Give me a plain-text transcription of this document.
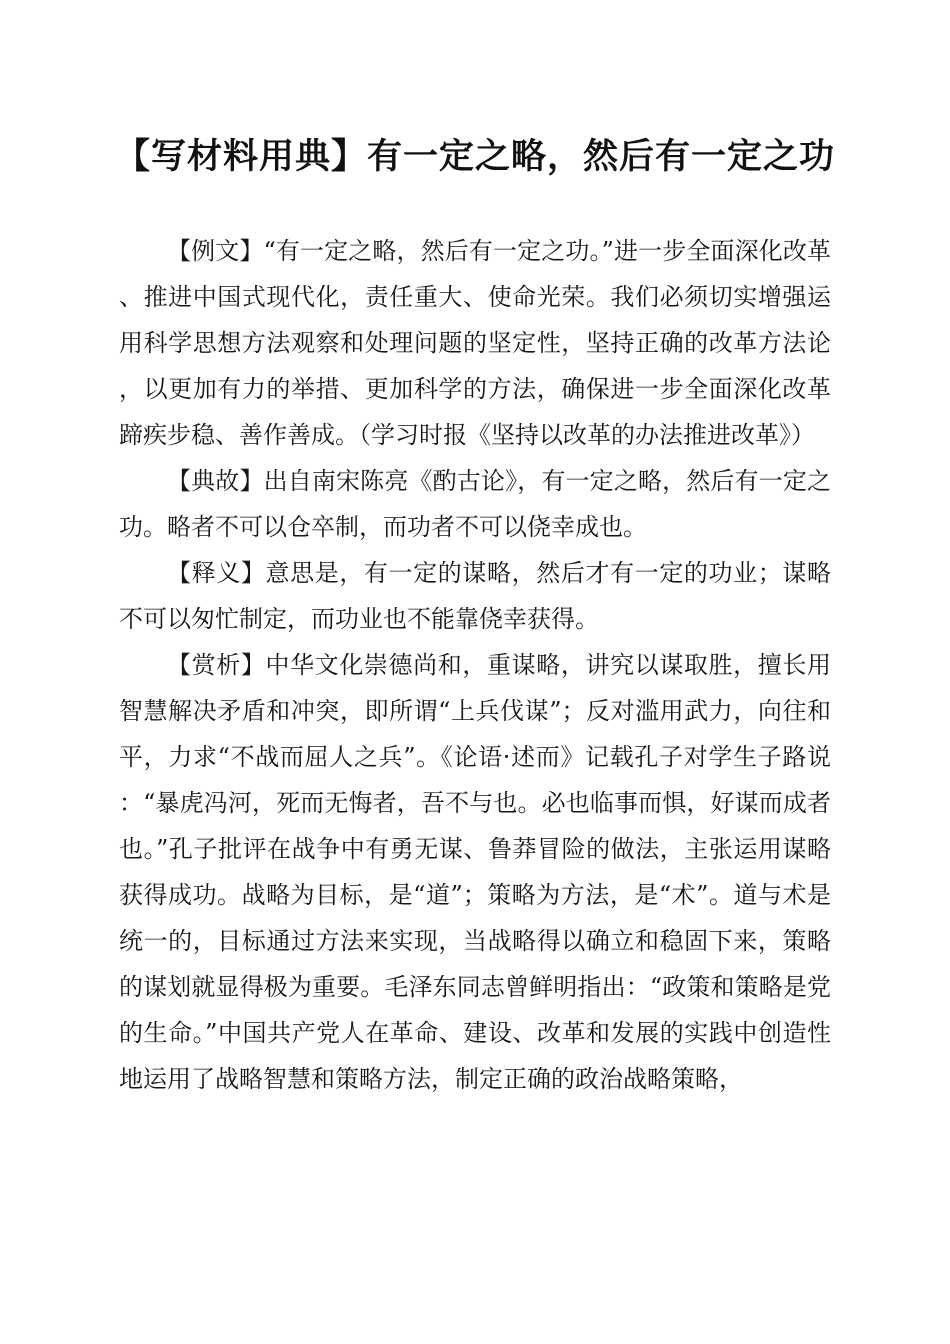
【写材料用典】有一定之略，然后有一定之功

【例文】“有一定之略，然后有一定之功。”进一步全面深化改革、推进中国式现代化，责任重大、使命光荣。我们必须切实增强运用科学思想方法观察和处理问题的坚定性，坚持正确的改革方法论，以更加有力的举措、更加科学的方法，确保进一步全面深化改革蹄疾步稳、善作善成。（学习时报《坚持以改革的办法推进改革》）

【典故】出自南宋陈亮《酌古论》，有一定之略，然后有一定之功。略者不可以仓卒制，而功者不可以侥幸成也。

【释义】意思是，有一定的谋略，然后才有一定的功业；谋略不可以匆忙制定，而功业也不能靠侥幸获得。

【赏析】中华文化崇德尚和，重谋略，讲究以谋取胜，擅长用智慧解决矛盾和冲突，即所谓“上兵伐谋”；反对滥用武力，向往和平，力求“不战而屈人之兵”。《论语·述而》记载孔子对学生子路说：“暴虎冯河，死而无悔者，吾不与也。必也临事而惧，好谋而成者也。”孔子批评在战争中有勇无谋、鲁莽冒险的做法，主张运用谋略获得成功。战略为目标，是“道”；策略为方法，是“术”。道与术是统一的，目标通过方法来实现，当战略得以确立和稳固下来，策略的谋划就显得极为重要。毛泽东同志曾鲜明指出：“政策和策略是党的生命。”中国共产党人在革命、建设、改革和发展的实践中创造性地运用了战略智慧和策略方法，制定正确的政治战略策略，
